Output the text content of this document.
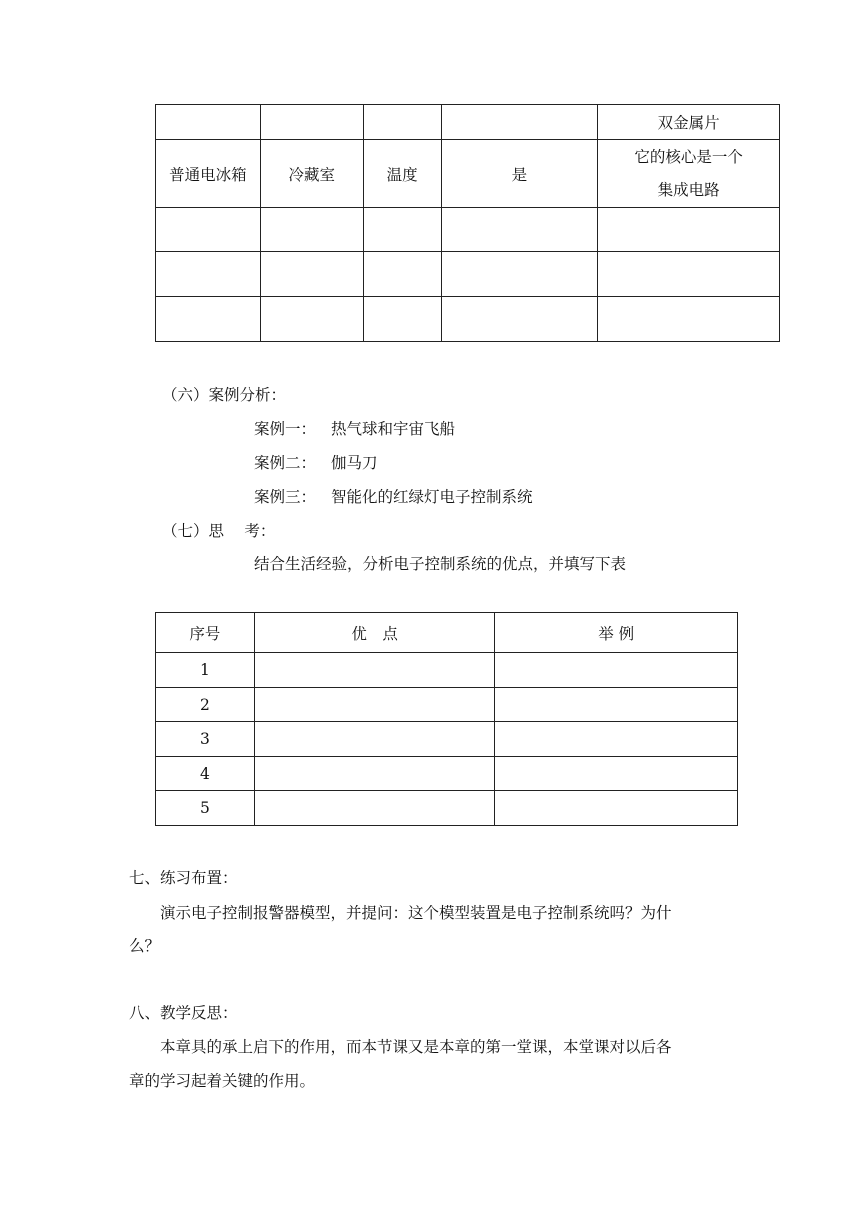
				双金属片
普通电冰箱	冷藏室	温度	是	它的核心是一个
集成电路

（六）案例分析：
案例一： 热气球和宇宙飞船
案例二： 伽马刀
案例三： 智能化的红绿灯电子控制系统
（七）思　 考：
结合生活经验，分析电子控制系统的优点，并填写下表
序号	优　点	举 例
1		
2		
3		
4		
5		
七、练习布置：
演示电子控制报警器模型，并提问：这个模型装置是电子控制系统吗？为什
么？
八、教学反思：
本章具的承上启下的作用，而本节课又是本章的第一堂课，本堂课对以后各
章的学习起着关键的作用。
